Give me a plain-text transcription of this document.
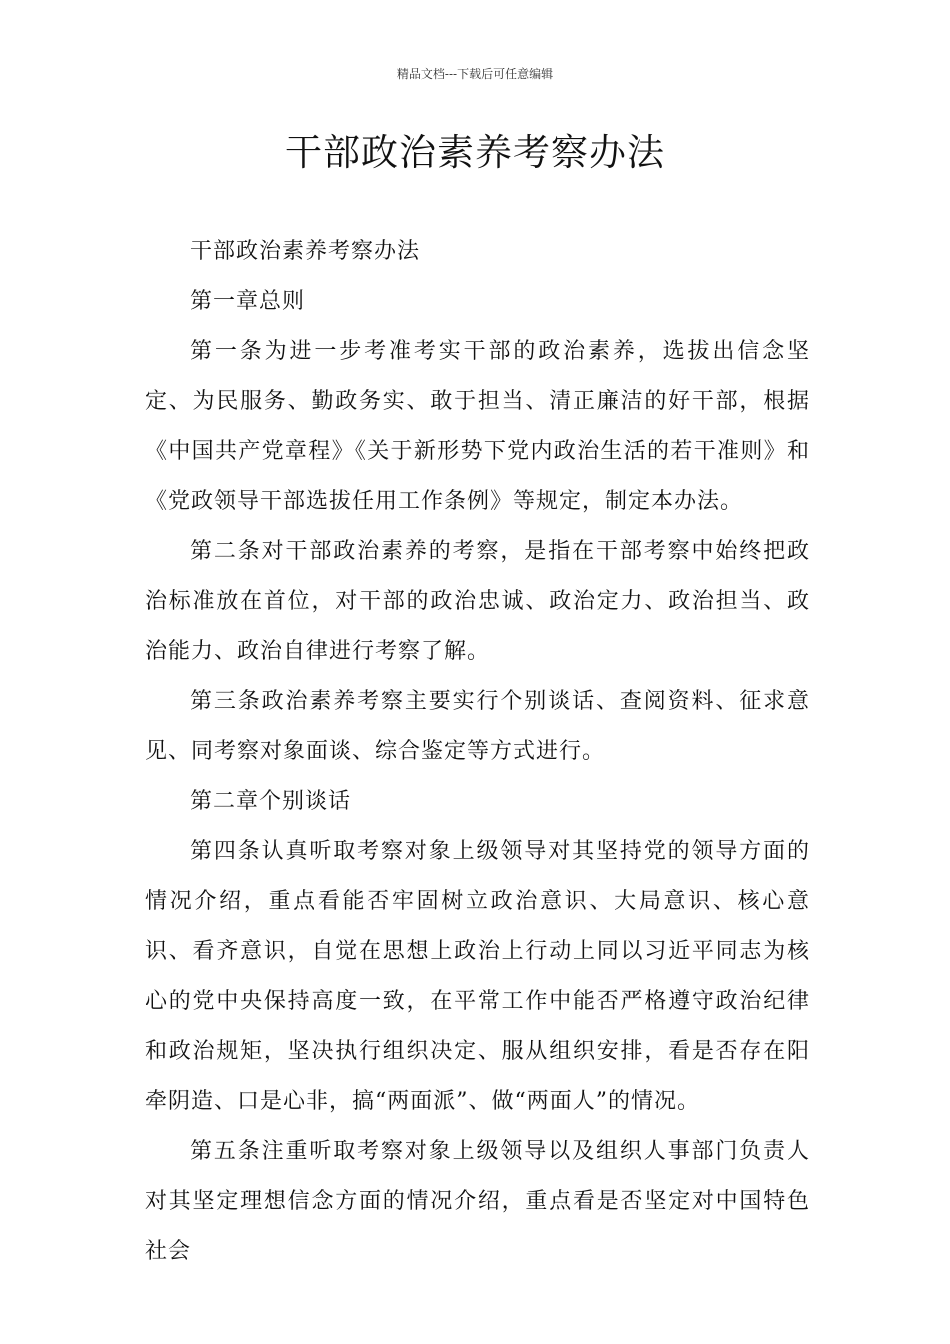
精品文档---下载后可任意编辑
干部政治素养考察办法

干部政治素养考察办法

第一章总则

第一条为进一步考准考实干部的政治素养，选拔出信念坚定、为民服务、勤政务实、敢于担当、清正廉洁的好干部，根据《中国共产党章程》《关于新形势下党内政治生活的若干准则》和《党政领导干部选拔任用工作条例》等规定，制定本办法。

第二条对干部政治素养的考察，是指在干部考察中始终把政治标准放在首位，对干部的政治忠诚、政治定力、政治担当、政治能力、政治自律进行考察了解。

第三条政治素养考察主要实行个别谈话、查阅资料、征求意见、同考察对象面谈、综合鉴定等方式进行。

第二章个别谈话

第四条认真听取考察对象上级领导对其坚持党的领导方面的情况介绍，重点看能否牢固树立政治意识、大局意识、核心意识、看齐意识，自觉在思想上政治上行动上同以习近平同志为核心的党中央保持高度一致，在平常工作中能否严格遵守政治纪律和政治规矩，坚决执行组织决定、服从组织安排，看是否存在阳牵阴造、口是心非，搞“两面派”、做“两面人”的情况。

第五条注重听取考察对象上级领导以及组织人事部门负责人对其坚定理想信念方面的情况介绍，重点看是否坚定对中国特色社会
